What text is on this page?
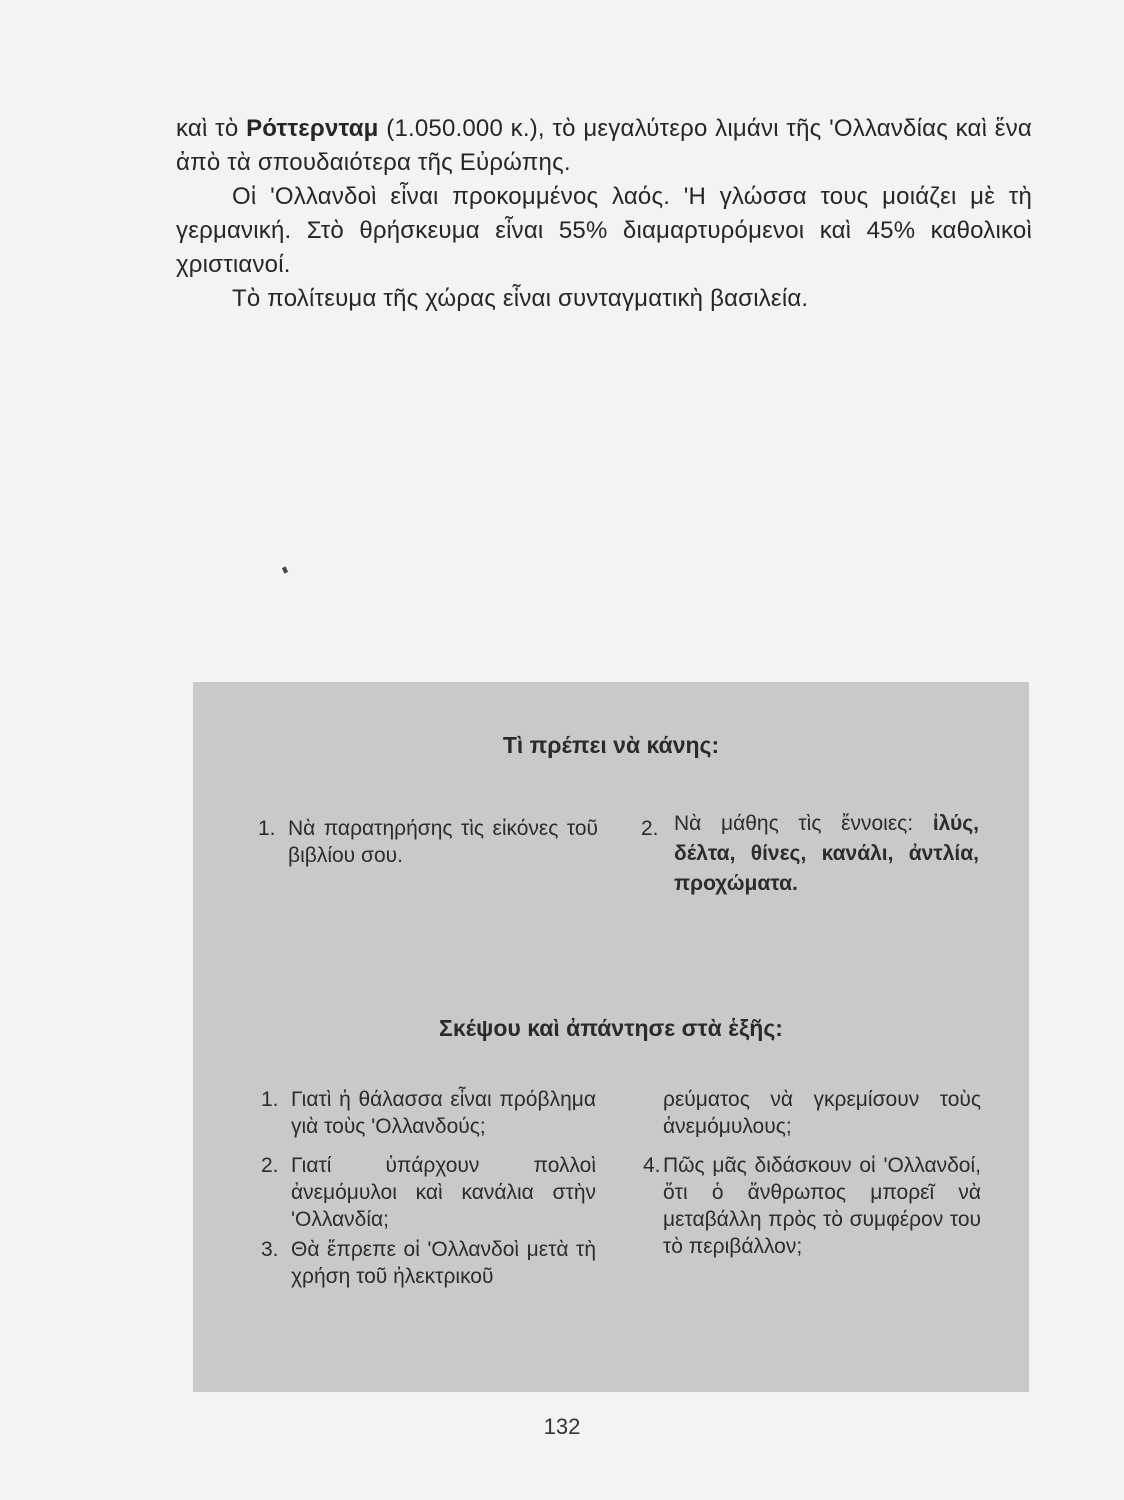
καὶ τὸ Ρόττερνταμ (1.050.000 κ.), τὸ μεγαλύτερο λιμάνι τῆς 'Ολλανδίας καὶ ἕνα ἀπὸ τὰ σπουδαιότερα τῆς Εὐρώπης.

Οἱ 'Ολλανδοὶ εἶναι προκομμένος λαός. 'Η γλώσσα τους μοιάζει μὲ τὴ γερμανική. Στὸ θρήσκευμα εἶναι 55% διαμαρτυρόμενοι καὶ 45% καθολικοὶ χριστιανοί.

Τὸ πολίτευμα τῆς χώρας εἶναι συνταγματικὴ βασιλεία.

Τὶ πρέπει νὰ κάνης:
1. Νὰ παρατηρήσης τὶς εἰκόνες τοῦ βιβλίου σου.
2. Νὰ μάθης τὶς ἔννοιες: ἰλύς, δέλτα, θίνες, κανάλι, ἀντλία, προχώματα.
Σκέψου καὶ ἀπάντησε στὰ ἑξῆς:
1. Γιατὶ ἡ θάλασσα εἶναι πρόβλημα γιὰ τοὺς 'Ολλανδούς;
2. Γιατί ὑπάρχουν πολλοὶ ἀνεμόμυλοι καὶ κανάλια στὴν 'Ολλανδία;
3. Θὰ ἔπρεπε οἱ 'Ολλανδοὶ μετὰ τὴ χρήση τοῦ ἠλεκτρικοῦ
ρεύματος νὰ γκρεμίσουν τοὺς ἀνεμόμυλους;
4. Πῶς μᾶς διδάσκουν οἱ 'Ολλανδοί, ὅτι ὁ ἄνθρωπος μπορεῖ νὰ μεταβάλλη πρὸς τὸ συμφέρον του τὸ περιβάλλον;
132
